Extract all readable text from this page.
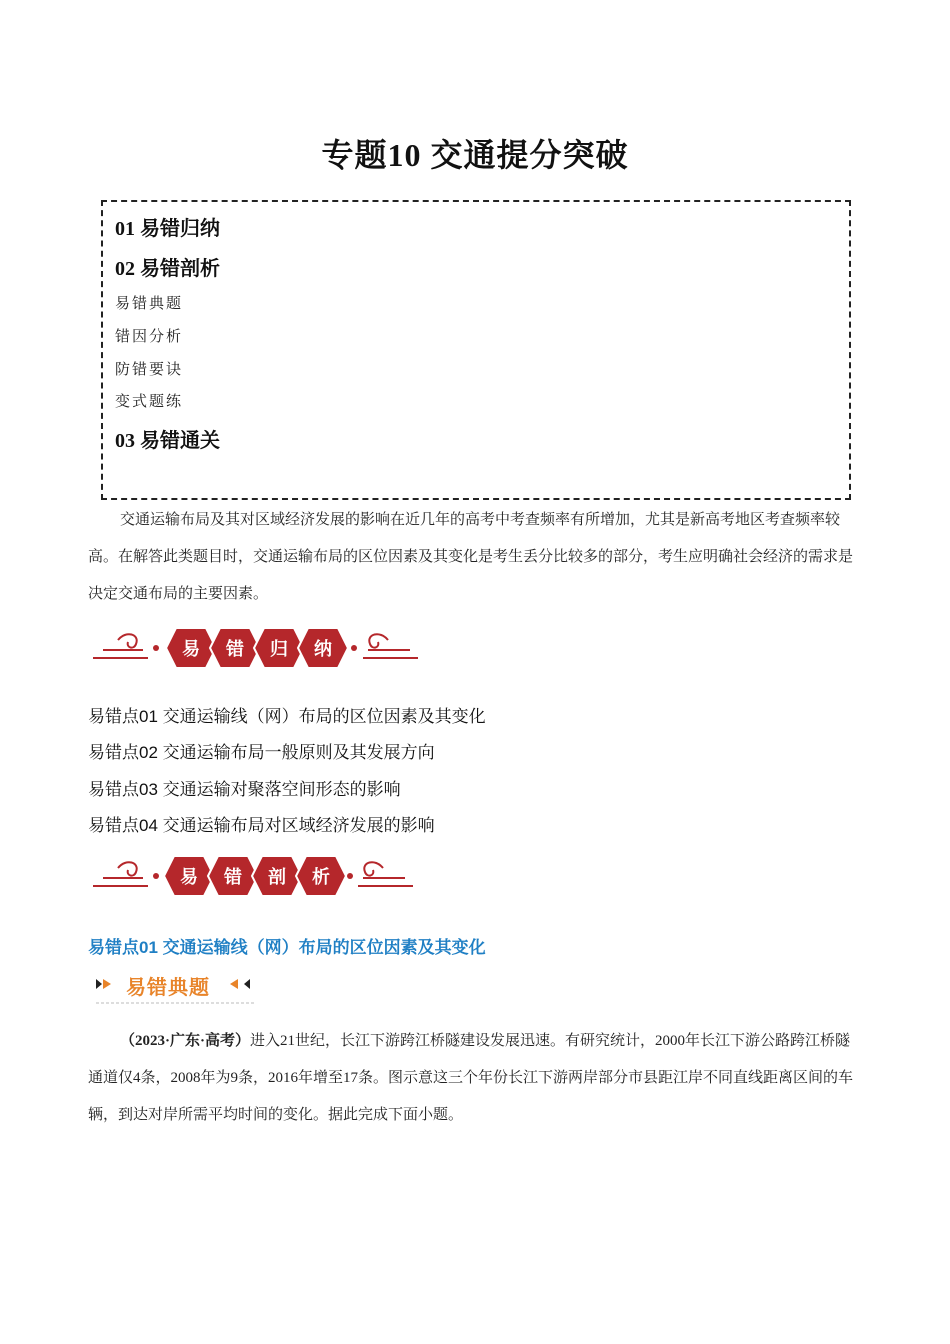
专题10 交通提分突破
01 易错归纳
02 易错剖析
易错典题
错因分析
防错要诀
变式题练
03 易错通关
交通运输布局及其对区域经济发展的影响在近几年的高考中考查频率有所增加，尤其是新高考地区考查频率较高。在解答此类题目时，交通运输布局的区位因素及其变化是考生丢分比较多的部分，考生应明确社会经济的需求是决定交通布局的主要因素。
易 错 归 纳
易错点01 交通运输线（网）布局的区位因素及其变化
易错点02 交通运输布局一般原则及其发展方向
易错点03 交通运输对聚落空间形态的影响
易错点04 交通运输布局对区域经济发展的影响
易 错 剖 析
易错点01 交通运输线（网）布局的区位因素及其变化
易错典题
（2023·广东·高考）进入21世纪，长江下游跨江桥隧建设发展迅速。有研究统计，2000年长江下游公路跨江桥隧通道仅4条，2008年为9条，2016年增至17条。图示意这三个年份长江下游两岸部分市县距江岸不同直线距离区间的车辆，到达对岸所需平均时间的变化。据此完成下面小题。
